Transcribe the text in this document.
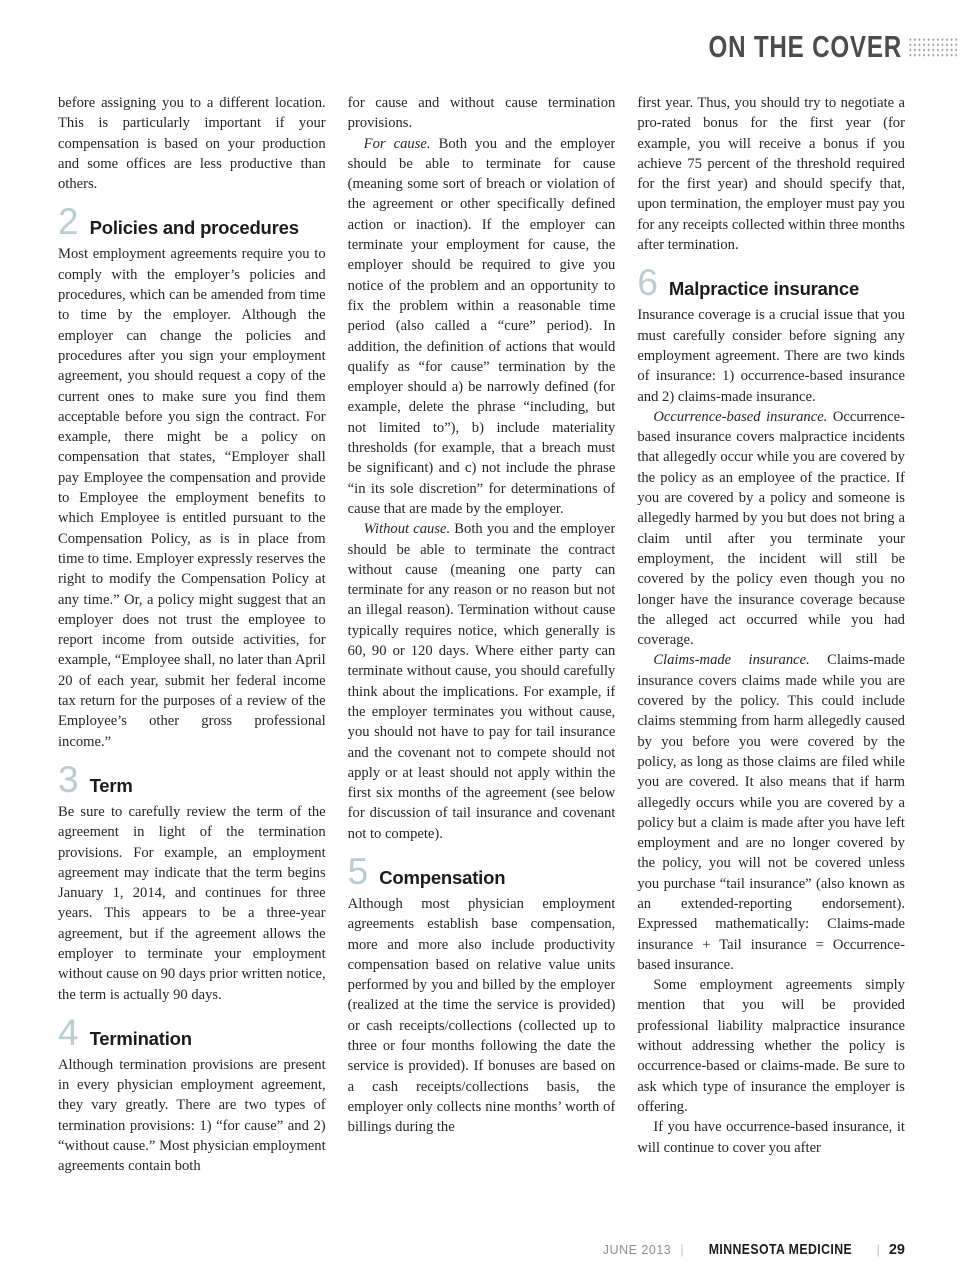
ON THE COVER

before assigning you to a different location. This is particularly important if your compensation is based on your production and some offices are less productive than others.

2 Policies and procedures

Most employment agreements require you to comply with the employer’s policies and procedures, which can be amended from time to time by the employer. Although the employer can change the policies and procedures after you sign your employment agreement, you should request a copy of the current ones to make sure you find them acceptable before you sign the contract. For example, there might be a policy on compensation that states, “Employer shall pay Employee the compensation and provide to Employee the employment benefits to which Employee is entitled pursuant to the Compensation Policy, as is in place from time to time. Employer expressly reserves the right to modify the Compensation Policy at any time.” Or, a policy might suggest that an employer does not trust the employee to report income from outside activities, for example, “Employee shall, no later than April 20 of each year, submit her federal income tax return for the purposes of a review of the Employee’s other gross professional income.”

3 Term

Be sure to carefully review the term of the agreement in light of the termination provisions. For example, an employment agreement may indicate that the term begins January 1, 2014, and continues for three years. This appears to be a three-year agreement, but if the agreement allows the employer to terminate your employment without cause on 90 days prior written notice, the term is actually 90 days.

4 Termination

Although termination provisions are present in every physician employment agreement, they vary greatly. There are two types of termination provisions: 1) “for cause” and 2) “without cause.” Most physician employment agreements contain both

for cause and without cause termination provisions.

For cause. Both you and the employer should be able to terminate for cause (meaning some sort of breach or violation of the agreement or other specifically defined action or inaction). If the employer can terminate your employment for cause, the employer should be required to give you notice of the problem and an opportunity to fix the problem within a reasonable time period (also called a “cure” period). In addition, the definition of actions that would qualify as “for cause” termination by the employer should a) be narrowly defined (for example, delete the phrase “including, but not limited to”), b) include materiality thresholds (for example, that a breach must be significant) and c) not include the phrase “in its sole discretion” for determinations of cause that are made by the employer.

Without cause. Both you and the employer should be able to terminate the contract without cause (meaning one party can terminate for any reason or no reason but not an illegal reason). Termination without cause typically requires notice, which generally is 60, 90 or 120 days. Where either party can terminate without cause, you should carefully think about the implications. For example, if the employer terminates you without cause, you should not have to pay for tail insurance and the covenant not to compete should not apply or at least should not apply within the first six months of the agreement (see below for discussion of tail insurance and covenant not to compete).

5 Compensation

Although most physician employment agreements establish base compensation, more and more also include productivity compensation based on relative value units performed by you and billed by the employer (realized at the time the service is provided) or cash receipts/collections (collected up to three or four months following the date the service is provided). If bonuses are based on a cash receipts/collections basis, the employer only collects nine months’ worth of billings during the

first year. Thus, you should try to negotiate a pro-rated bonus for the first year (for example, you will receive a bonus if you achieve 75 percent of the threshold required for the first year) and should specify that, upon termination, the employer must pay you for any receipts collected within three months after termination.

6 Malpractice insurance

Insurance coverage is a crucial issue that you must carefully consider before signing any employment agreement. There are two kinds of insurance: 1) occurrence-based insurance and 2) claims-made insurance.

Occurrence-based insurance. Occurrence-based insurance covers malpractice incidents that allegedly occur while you are covered by the policy as an employee of the practice. If you are covered by a policy and someone is allegedly harmed by you but does not bring a claim until after you terminate your employment, the incident will still be covered by the policy even though you no longer have the insurance coverage because the alleged act occurred while you had coverage.

Claims-made insurance. Claims-made insurance covers claims made while you are covered by the policy. This could include claims stemming from harm allegedly caused by you before you were covered by the policy, as long as those claims are filed while you are covered. It also means that if harm allegedly occurs while you are covered by a policy but a claim is made after you have left employment and are no longer covered by the policy, you will not be covered unless you purchase “tail insurance” (also known as an extended-reporting endorsement). Expressed mathematically: Claims-made insurance + Tail insurance = Occurrence-based insurance.

Some employment agreements simply mention that you will be provided professional liability malpractice insurance without addressing whether the policy is occurrence-based or claims-made. Be sure to ask which type of insurance the employer is offering.

If you have occurrence-based insurance, it will continue to cover you after

JUNE 2013 | MINNESOTA MEDICINE | 29
